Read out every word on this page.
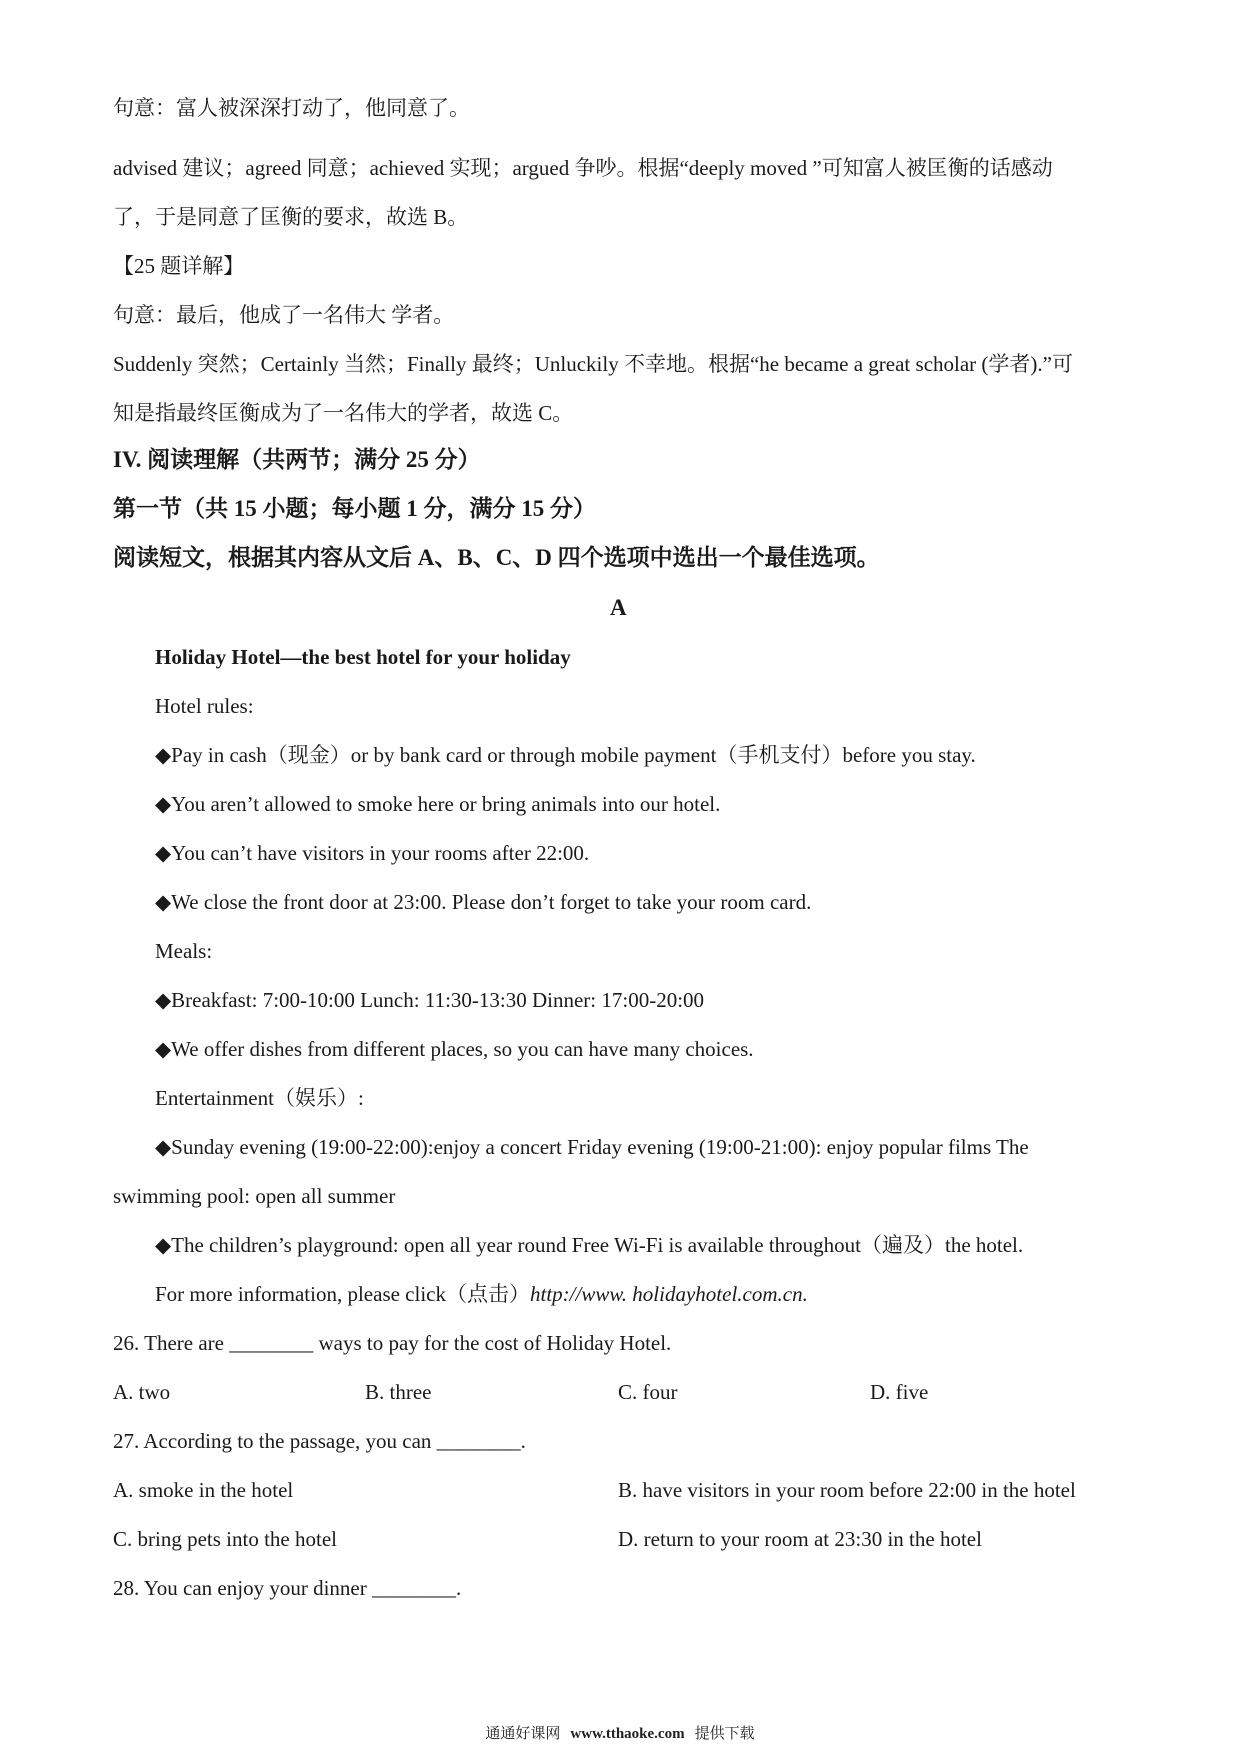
句意：富人被深深打动了，他同意了。
advised 建议；agreed 同意；achieved 实现；argued 争吵。根据“deeply moved ”可知富人被匡衡的话感动
了，于是同意了匡衡的要求，故选 B。
【25 题详解】
句意：最后，他成了一名伟大 学者。
Suddenly 突然；Certainly 当然；Finally 最终；Unluckily 不幸地。根据“he became a great scholar (学者).”可
知是指最终匡衡成为了一名伟大的学者，故选 C。
IV. 阅读理解（共两节；满分 25 分）
第一节（共 15 小题；每小题 1 分，满分 15 分）
阅读短文，根据其内容从文后 A、B、C、D 四个选项中选出一个最佳选项。
A
Holiday Hotel—the best hotel for your holiday
Hotel rules:
◆Pay in cash（现金）or by bank card or through mobile payment（手机支付）before you stay.
◆You aren’t allowed to smoke here or bring animals into our hotel.
◆You can’t have visitors in your rooms after 22:00.
◆We close the front door at 23:00. Please don’t forget to take your room card.
Meals:
◆Breakfast: 7:00-10:00 Lunch: 11:30-13:30 Dinner: 17:00-20:00
◆We offer dishes from different places, so you can have many choices.
Entertainment（娱乐）:
◆Sunday evening (19:00-22:00):enjoy a concert Friday evening (19:00-21:00): enjoy popular films The
swimming pool: open all summer
◆The children’s playground: open all year round Free Wi-Fi is available throughout（遍及）the hotel.
For more information, please click（点击）http://www. holidayhotel.com.cn.
26. There are ________ ways to pay for the cost of Holiday Hotel.
A. two	B. three	C. four	D. five
27. According to the passage, you can ________.
A. smoke in the hotel	B. have visitors in your room before 22:00 in the hotel
C. bring pets into the hotel	D. return to your room at 23:30 in the hotel
28. You can enjoy your dinner ________.
通通好课网 www.tthaoke.com 提供下载
